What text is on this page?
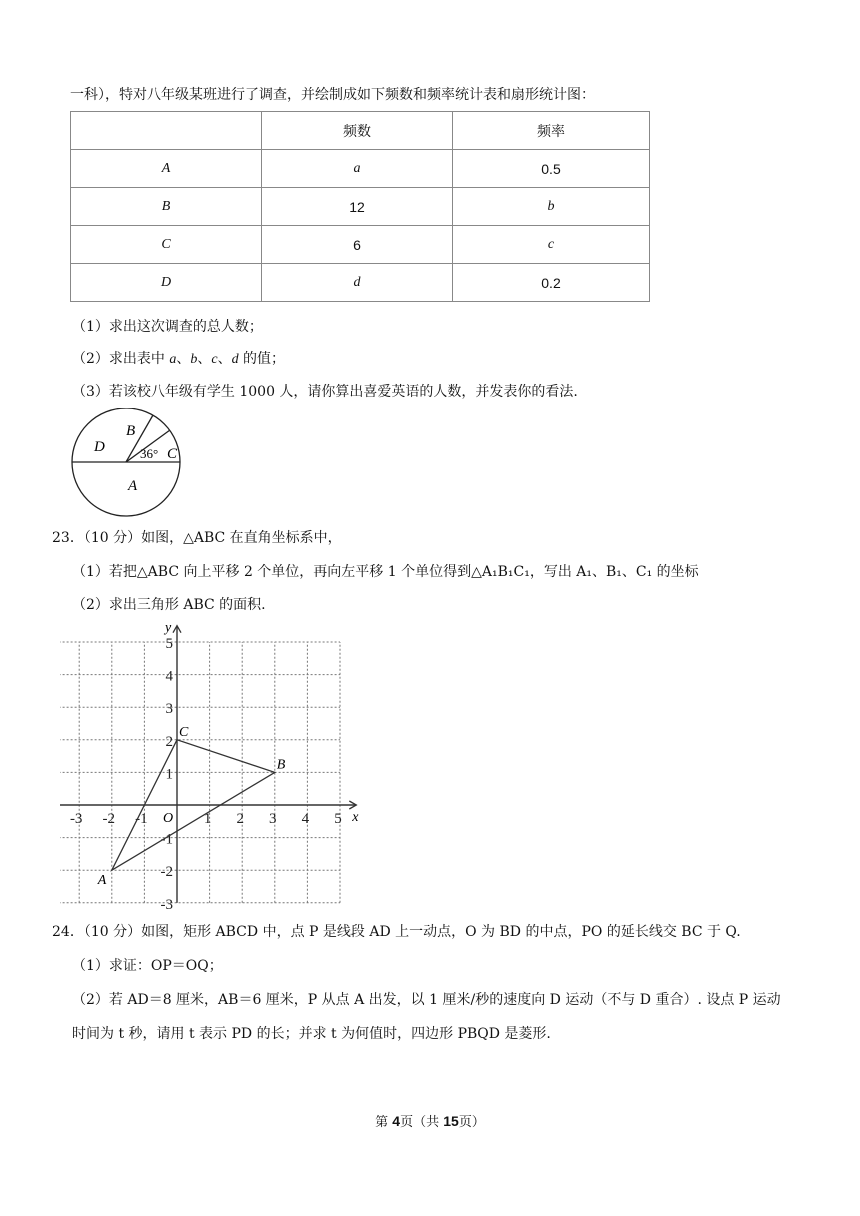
一科），特对八年级某班进行了调查，并绘制成如下频数和频率统计表和扇形统计图：
	频数	频率
A	a	0.5
B	12	b
C	6	c
D	d	0.2
（1）求出这次调查的总人数；
（2）求出表中 a、b、c、d 的值；
（3）若该校八年级有学生 1000 人，请你算出喜爱英语的人数，并发表你的看法.
D
B
36° C
A
23．（10 分）如图，△ABC 在直角坐标系中，
（1）若把△ABC 向上平移 2 个单位，再向左平移 1 个单位得到△A₁B₁C₁，写出 A₁、B₁、C₁ 的坐标
（2）求出三角形 ABC 的面积.
x
y
O
-3 -2 -1	1 2 3 4 5
5
4
3
2
1
-1
-2
-3
A
B
C
24．（10 分）如图，矩形 ABCD 中，点 P 是线段 AD 上一动点，O 为 BD 的中点，PO 的延长线交 BC 于 Q.
（1）求证：OP＝OQ；
（2）若 AD＝8 厘米，AB＝6 厘米，P 从点 A 出发，以 1 厘米/秒的速度向 D 运动（不与 D 重合）. 设点 P 运动
时间为 t 秒，请用 t 表示 PD 的长；并求 t 为何值时，四边形 PBQD 是菱形.
第 4页（共 15页）
